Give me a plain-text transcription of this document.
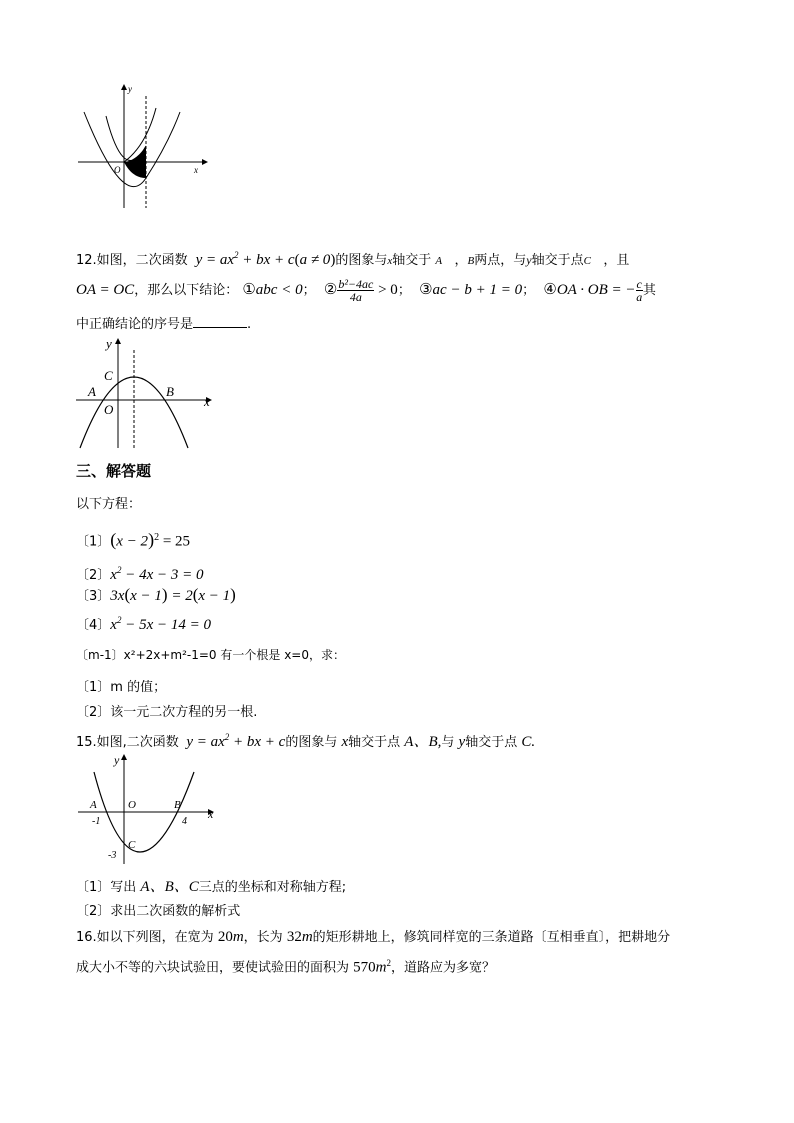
y
x
O
12.如图，二次函数  $y = ax^2$ + bx + c(a ≠ 0)的图象与x轴交于 A   ，B两点，与y轴交于点C ，且
OA = OC，那么以下结论： ①abc < 0； ② $\frac{\text{b²−4ac}}{4a} > 0$； ③ac − b + 1 = 0； ④OA · OB = − $\frac{c}{a}$ 其
中正确结论的序号是	.
y
x
C
A	B
O
三、解答题
以下方程：
〔1〕$(x - 2)^2 = 25$
〔2〕$x^2 - 4x - 3 = 0$
〔3〕3x(x − 1) = 2(x − 1)
〔4〕$x^2 - 5x - 14 = 0$
〔m-1〕x²+2x+m²-1=0 有一个根是 x=0，求：
〔1〕m 的值；
〔2〕该一元二次方程的另一根.
15.如图,二次函数  $y = ax^2$ + bx + c的图象与 x轴交于点 A、B,与 y轴交于点 C.
y
x
A	O	B
-1	4
-3
C
〔1〕写出 A、B、C三点的坐标和对称轴方程;
〔2〕求出二次函数的解析式
16.如以下列图，在宽为 20m，长为 32m的矩形耕地上，修筑同样宽的三条道路〔互相垂直〕，把耕地分
成大小不等的六块试验田，要使试验田的面积为 $570m^2$，道路应为多宽？
